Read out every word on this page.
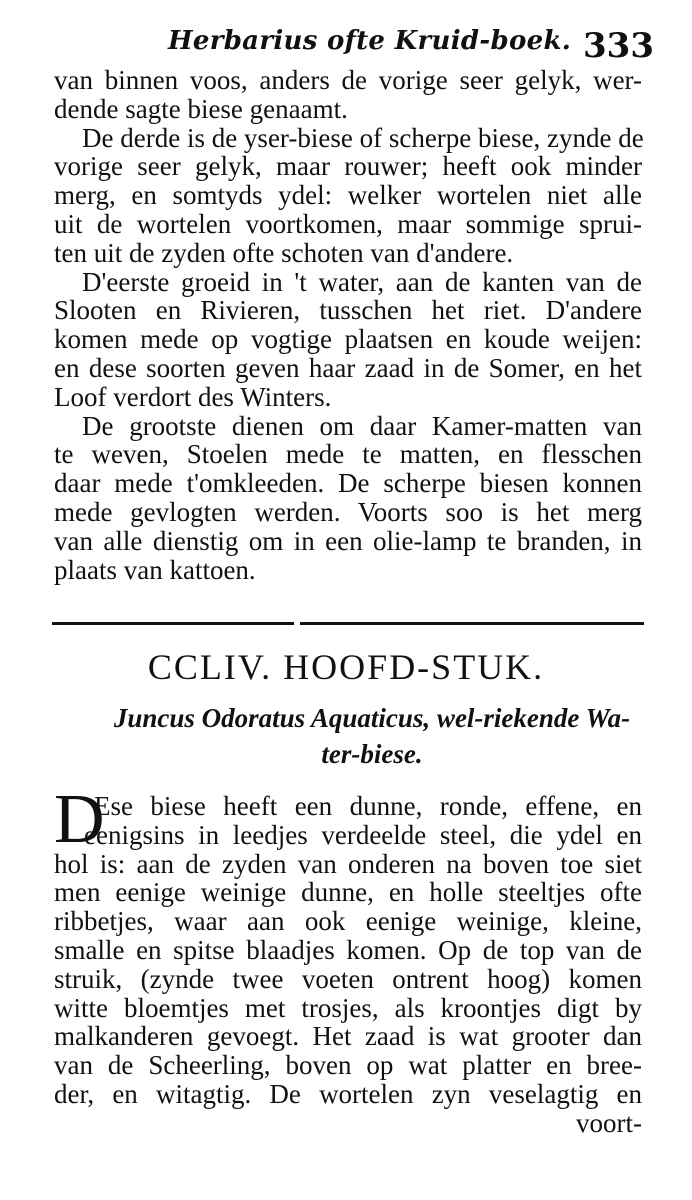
Herbarius ofte Kruid-boek. 333
van binnen voos, anders de vorige seer gelyk, wer-
dende sagte biese genaamt.
De derde is de yser-biese of scherpe biese, zynde de
vorige seer gelyk, maar rouwer; heeft ook minder
merg, en somtyds ydel: welker wortelen niet alle
uit de wortelen voortkomen, maar sommige sprui-
ten uit de zyden ofte schoten van d'andere.
D'eerste groeid in 't water, aan de kanten van de
Slooten en Rivieren, tusschen het riet. D'andere
komen mede op vogtige plaatsen en koude weijen:
en dese soorten geven haar zaad in de Somer, en het
Loof verdort des Winters.
De grootste dienen om daar Kamer-matten van
te weven, Stoelen mede te matten, en flesschen
daar mede t'omkleeden. De scherpe biesen konnen
mede gevlogten werden. Voorts soo is het merg
van alle dienstig om in een olie-lamp te branden, in
plaats van kattoen.
CCLIV. HOOFD-STUK.
Juncus Odoratus Aquaticus, wel-riekende Wa-
ter-biese.
D
Ese biese heeft een dunne, ronde, effene, en
eenigsins in leedjes verdeelde steel, die ydel en
hol is: aan de zyden van onderen na boven toe siet
men eenige weinige dunne, en holle steeltjes ofte
ribbetjes, waar aan ook eenige weinige, kleine,
smalle en spitse blaadjes komen. Op de top van de
struik, (zynde twee voeten ontrent hoog) komen
witte bloemtjes met trosjes, als kroontjes digt by
malkanderen gevoegt. Het zaad is wat grooter dan
van de Scheerling, boven op wat platter en bree-
der, en witagtig. De wortelen zyn veselagtig en
voort-
